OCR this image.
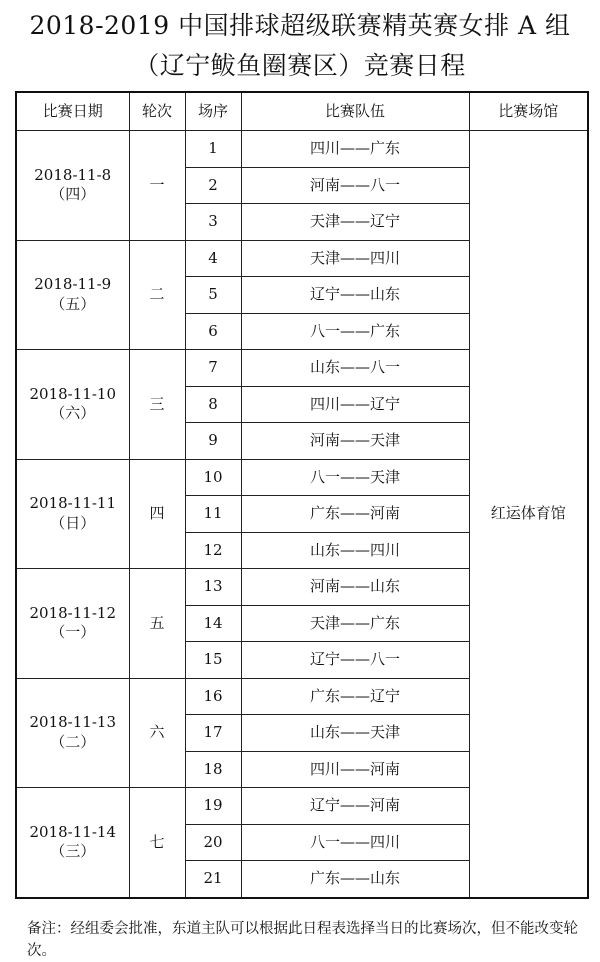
2018-2019 中国排球超级联赛精英赛女排 A 组
（辽宁鲅鱼圈赛区）竞赛日程
比赛日期	轮次	场序	比赛队伍	比赛场馆

2018-11-8
（四）	一	1	四川——广东	红运体育馆
		2	河南——八一	
		3	天津——辽宁	

2018-11-9
（五）	二	4	天津——四川	
		5	辽宁——山东	
		6	八一——广东	

2018-11-10
（六）	三	7	山东——八一	
		8	四川——辽宁	
		9	河南——天津	

2018-11-11
（日）	四	10	八一——天津	
		11	广东——河南	
		12	山东——四川	

2018-11-12
（一）	五	13	河南——山东	
		14	天津——广东	
		15	辽宁——八一	

2018-11-13
（二）	六	16	广东——辽宁	
		17	山东——天津	
		18	四川——河南	

2018-11-14
（三）	七	19	辽宁——河南	
		20	八一——四川	
		21	广东——山东	
备注：经组委会批准，东道主队可以根据此日程表选择当日的比赛场次，但不能改变轮次。
